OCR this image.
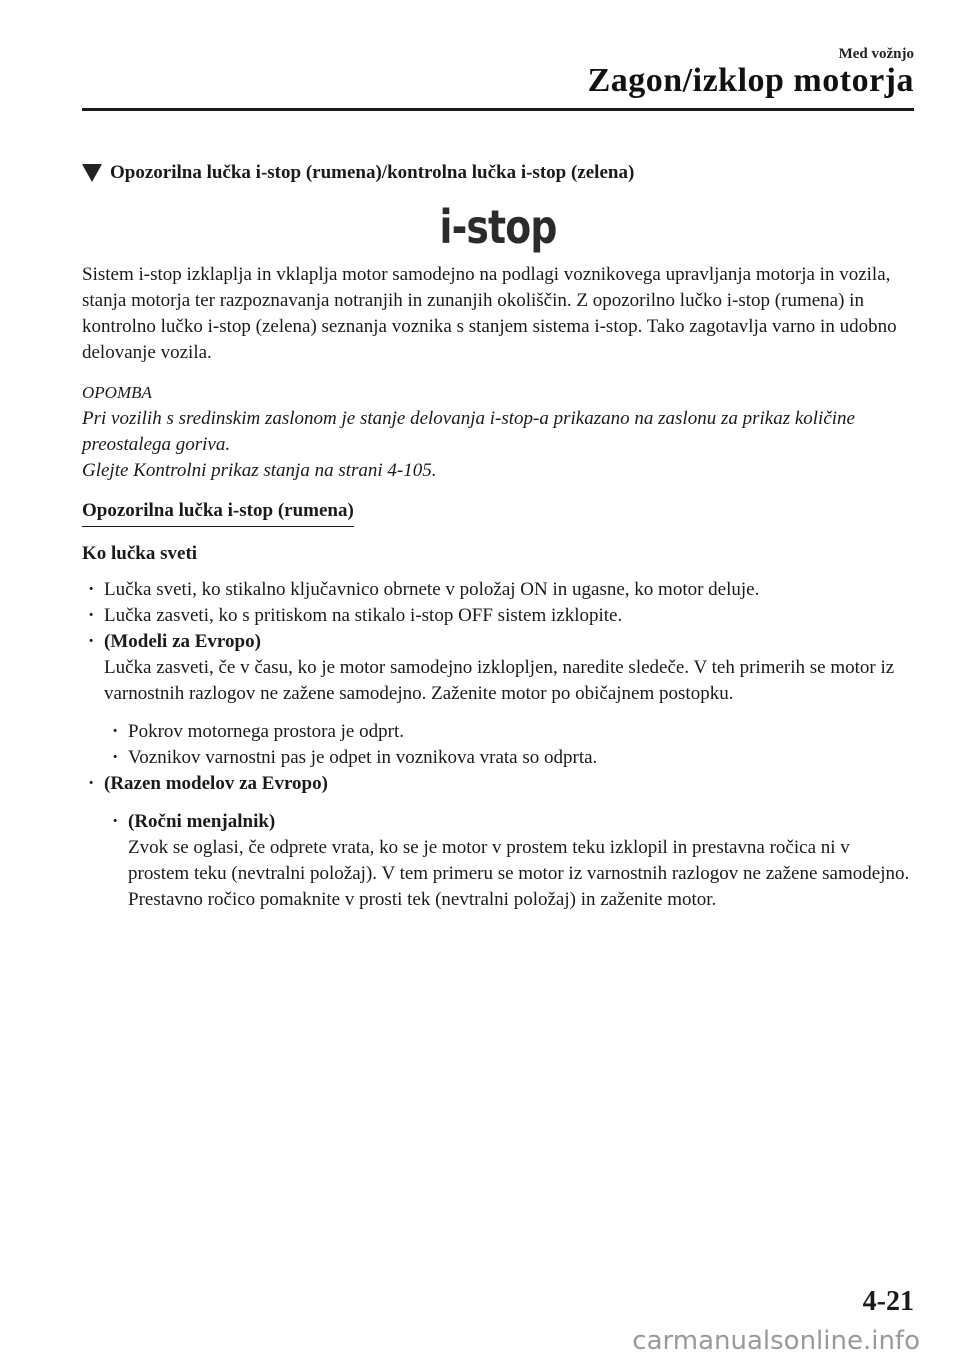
Med vožnjo
Zagon/izklop motorja
Opozorilna lučka i-stop (rumena)/kontrolna lučka i-stop (zelena)
i-stop

Sistem i-stop izklaplja in vklaplja motor samodejno na podlagi voznikovega upravljanja motorja in vozila, stanja motorja ter razpoznavanja notranjih in zunanjih okoliščin. Z opozorilno lučko i-stop (rumena) in kontrolno lučko i-stop (zelena) seznanja voznika s stanjem sistema i-stop. Tako zagotavlja varno in udobno delovanje vozila.

OPOMBA

Pri vozilih s sredinskim zaslonom je stanje delovanja i-stop-a prikazano na zaslonu za prikaz količine preostalega goriva.

Glejte Kontrolni prikaz stanja na strani 4-105.

Opozorilna lučka i-stop (rumena)
Ko lučka sveti
· Lučka sveti, ko stikalno ključavnico obrnete v položaj ON in ugasne, ko motor deluje.
· Lučka zasveti, ko s pritiskom na stikalo i-stop OFF sistem izklopite.
· (Modeli za Evropo)
Lučka zasveti, če v času, ko je motor samodejno izklopljen, naredite sledeče. V teh primerih se motor iz varnostnih razlogov ne zažene samodejno. Zaženite motor po običajnem postopku.
· Pokrov motornega prostora je odprt.
· Voznikov varnostni pas je odpet in voznikova vrata so odprta.
· (Razen modelov za Evropo)
· (Ročni menjalnik)
Zvok se oglasi, če odprete vrata, ko se je motor v prostem teku izklopil in prestavna ročica ni v prostem teku (nevtralni položaj). V tem primeru se motor iz varnostnih razlogov ne zažene samodejno. Prestavno ročico pomaknite v prosti tek (nevtralni položaj) in zaženite motor.
4-21
carmanualsonline.info
